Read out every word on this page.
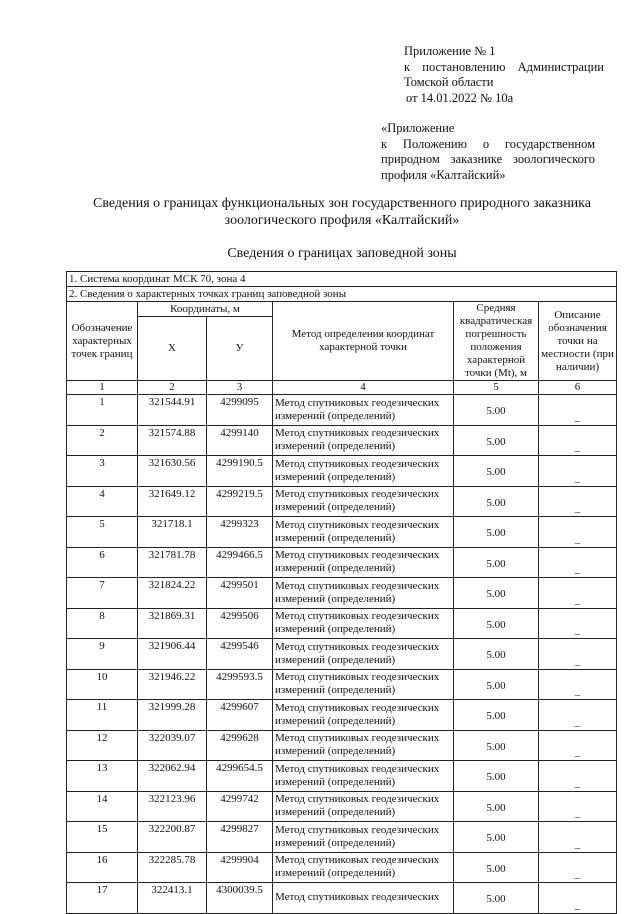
Приложение № 1
к постановлению Администрации
Томской области
от 14.01.2022 № 10а
«Приложение
к Положению о государственном
природном заказнике зоологического
профиля «Калтайский»
Сведения о границах функциональных зон государственного природного заказника
зоологического профиля «Калтайский»
Сведения о границах заповедной зоны
1. Система координат МСК 70, зона 4					
2. Сведения о характерных точках границ заповедной зоны					
Обозначение характерных точек границ	Координаты, м		Метод определения координат характерной точки	Средняя квадратическая погрешность положения характерной точки (Mt), м	Описание обозначения точки на местности (при наличии)
	Х	У			
1	2	3	4	5	6
1	321544.91	4299095	Метод спутниковых геодезических измерений (определений)	5.00	_
2	321574.88	4299140	Метод спутниковых геодезических измерений (определений)	5.00	_
3	321630.56	4299190.5	Метод спутниковых геодезических измерений (определений)	5.00	_
4	321649.12	4299219.5	Метод спутниковых геодезических измерений (определений)	5.00	_
5	321718.1	4299323	Метод спутниковых геодезических измерений (определений)	5.00	_
6	321781.78	4299466.5	Метод спутниковых геодезических измерений (определений)	5.00	_
7	321824.22	4299501	Метод спутниковых геодезических измерений (определений)	5.00	_
8	321869.31	4299506	Метод спутниковых геодезических измерений (определений)	5.00	_
9	321906.44	4299546	Метод спутниковых геодезических измерений (определений)	5.00	_
10	321946.22	4299593.5	Метод спутниковых геодезических измерений (определений)	5.00	_
11	321999.28	4299607	Метод спутниковых геодезических измерений (определений)	5.00	_
12	322039.07	4299628	Метод спутниковых геодезических измерений (определений)	5.00	_
13	322062.94	4299654.5	Метод спутниковых геодезических измерений (определений)	5.00	_
14	322123.96	4299742	Метод спутниковых геодезических измерений (определений)	5.00	_
15	322200.87	4299827	Метод спутниковых геодезических измерений (определений)	5.00	_
16	322285.78	4299904	Метод спутниковых геодезических измерений (определений)	5.00	_
17	322413.1	4300039.5	Метод спутниковых геодезических	5.00	_
